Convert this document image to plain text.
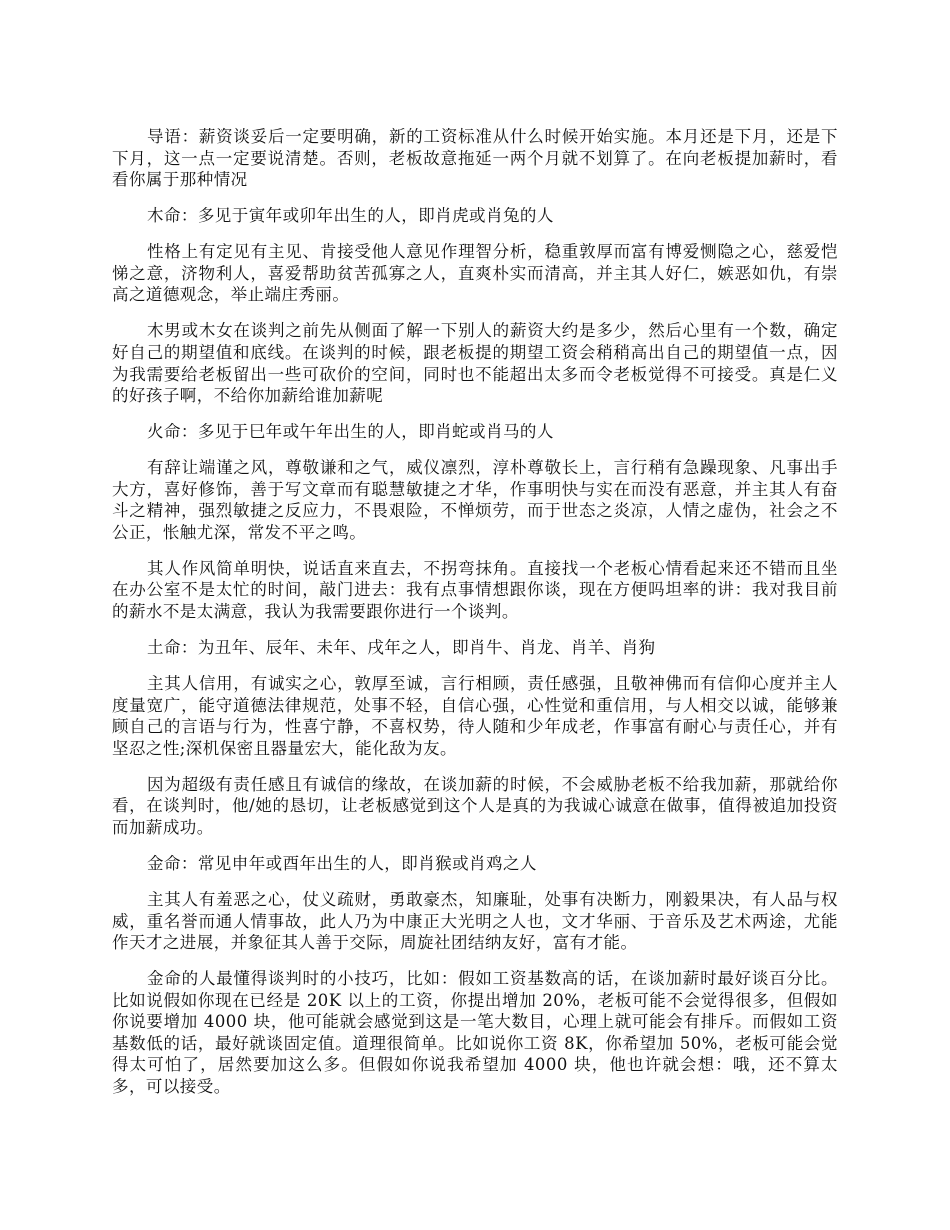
导语：薪资谈妥后一定要明确，新的工资标准从什么时候开始实施。本月还是下月，还是下下月，这一点一定要说清楚。否则，老板故意拖延一两个月就不划算了。在向老板提加薪时，看看你属于那种情况

木命：多见于寅年或卯年出生的人，即肖虎或肖兔的人

性格上有定见有主见、肯接受他人意见作理智分析，稳重敦厚而富有博爱恻隐之心，慈爱恺悌之意，济物利人，喜爱帮助贫苦孤寡之人，直爽朴实而清高，并主其人好仁，嫉恶如仇，有崇高之道德观念，举止端庄秀丽。

木男或木女在谈判之前先从侧面了解一下别人的薪资大约是多少，然后心里有一个数，确定好自己的期望值和底线。在谈判的时候，跟老板提的期望工资会稍稍高出自己的期望值一点，因为我需要给老板留出一些可砍价的空间，同时也不能超出太多而令老板觉得不可接受。真是仁义的好孩子啊，不给你加薪给谁加薪呢

火命：多见于巳年或午年出生的人，即肖蛇或肖马的人

有辞让端谨之风，尊敬谦和之气，威仪凛烈，淳朴尊敬长上，言行稍有急躁现象、凡事出手大方，喜好修饰，善于写文章而有聪慧敏捷之才华，作事明快与实在而没有恶意，并主其人有奋斗之精神，强烈敏捷之反应力，不畏艰险，不惮烦劳，而于世态之炎凉，人情之虚伪，社会之不公正，怅触尤深，常发不平之鸣。

其人作风简单明快，说话直来直去，不拐弯抹角。直接找一个老板心情看起来还不错而且坐在办公室不是太忙的时间，敲门进去：我有点事情想跟你谈，现在方便吗坦率的讲：我对我目前的薪水不是太满意，我认为我需要跟你进行一个谈判。

土命：为丑年、辰年、未年、戌年之人，即肖牛、肖龙、肖羊、肖狗

主其人信用，有诚实之心，敦厚至诚，言行相顾，责任感强，且敬神佛而有信仰心度并主人度量宽广，能守道德法律规范，处事不轻，自信心强，心性觉和重信用，与人相交以诚，能够兼顾自己的言语与行为，性喜宁静，不喜权势，待人随和少年成老，作事富有耐心与责任心，并有坚忍之性;深机保密且器量宏大，能化敌为友。

因为超级有责任感且有诚信的缘故，在谈加薪的时候，不会威胁老板不给我加薪，那就给你看，在谈判时，他/她的恳切，让老板感觉到这个人是真的为我诚心诚意在做事，值得被追加投资而加薪成功。

金命：常见申年或酉年出生的人，即肖猴或肖鸡之人

主其人有羞恶之心，仗义疏财，勇敢豪杰，知廉耻，处事有决断力，刚毅果决，有人品与权威，重名誉而通人情事故，此人乃为中康正大光明之人也，文才华丽、于音乐及艺术两途，尤能作天才之进展，并象征其人善于交际，周旋社团结纳友好，富有才能。

金命的人最懂得谈判时的小技巧，比如：假如工资基数高的话，在谈加薪时最好谈百分比。比如说假如你现在已经是 20K 以上的工资，你提出增加 20%，老板可能不会觉得很多，但假如你说要增加 4000 块，他可能就会感觉到这是一笔大数目，心理上就可能会有排斥。而假如工资基数低的话，最好就谈固定值。道理很简单。比如说你工资 8K，你希望加 50%，老板可能会觉得太可怕了，居然要加这么多。但假如你说我希望加 4000 块，他也许就会想：哦，还不算太多，可以接受。
